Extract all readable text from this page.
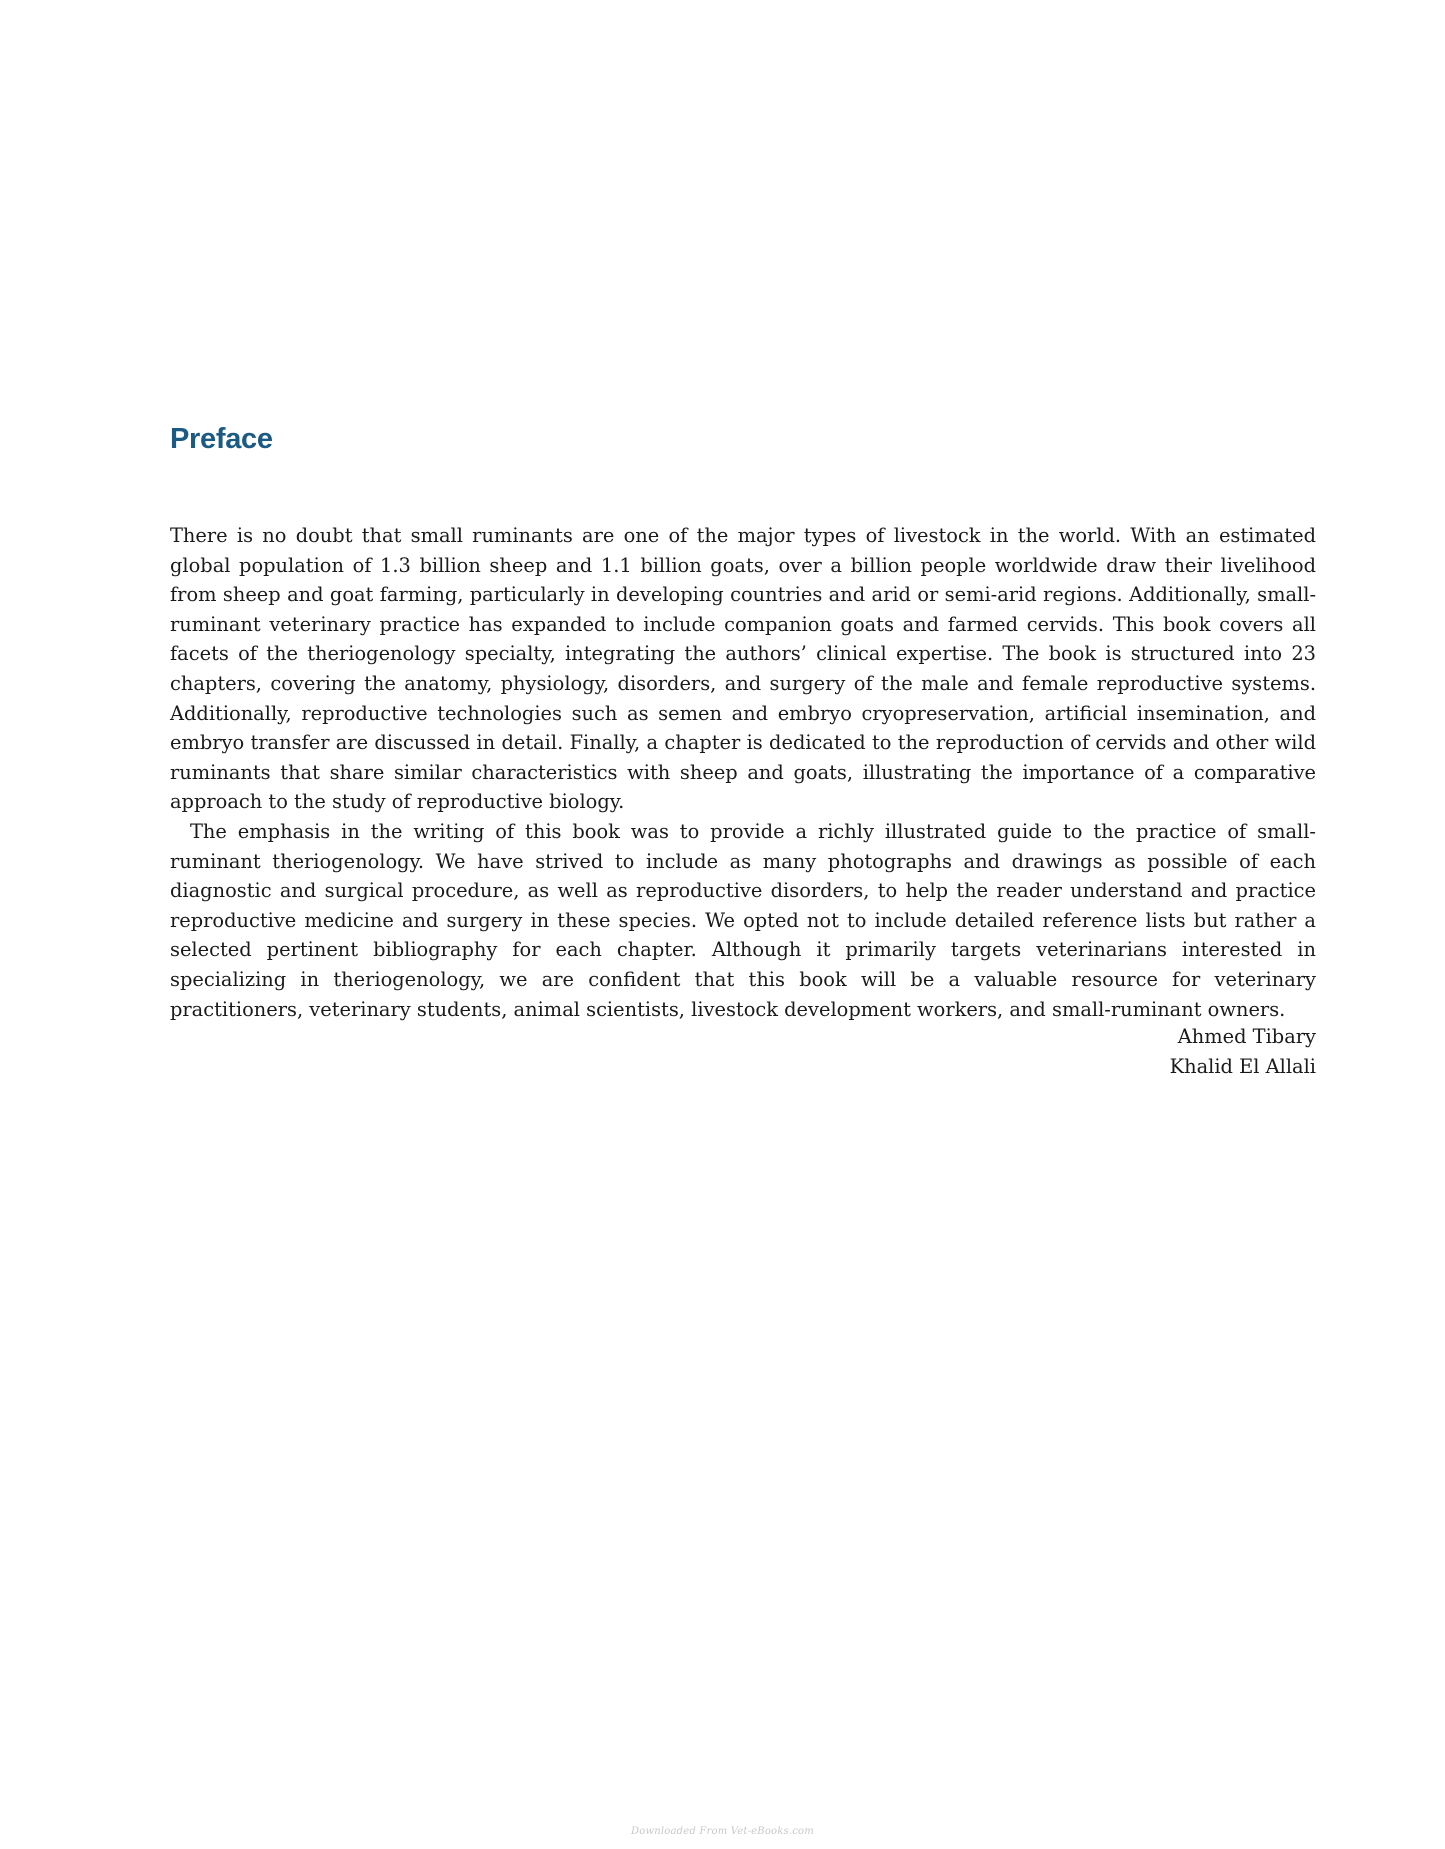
Preface

There is no doubt that small ruminants are one of the major types of livestock in the world. With an estimated global population of 1.3 billion sheep and 1.1 billion goats, over a billion people worldwide draw their livelihood from sheep and goat farming, particularly in developing countries and arid or semi-arid regions. Additionally, small-ruminant veterinary practice has expanded to include companion goats and farmed cervids. This book covers all facets of the theriogenology specialty, integrating the authors’ clinical expertise. The book is structured into 23 chapters, covering the anatomy, physiology, disorders, and surgery of the male and female reproductive systems. Additionally, reproductive technologies such as semen and embryo cryopreservation, artificial insemination, and embryo transfer are discussed in detail. Finally, a chapter is dedicated to the reproduction of cervids and other wild ruminants that share similar characteristics with sheep and goats, illustrating the importance of a comparative approach to the study of reproductive biology.

The emphasis in the writing of this book was to provide a richly illustrated guide to the practice of small-ruminant theriogenology. We have strived to include as many photographs and drawings as possible of each diagnostic and surgical procedure, as well as reproductive disorders, to help the reader understand and practice reproductive medicine and surgery in these species. We opted not to include detailed reference lists but rather a selected pertinent bibliography for each chapter. Although it primarily targets veterinarians interested in specializing in theriogenology, we are confident that this book will be a valuable resource for veterinary practitioners, veterinary students, animal scientists, livestock development workers, and small-ruminant owners.

Ahmed Tibary
Khalid El Allali
Downloaded From Vet-eBooks.com
